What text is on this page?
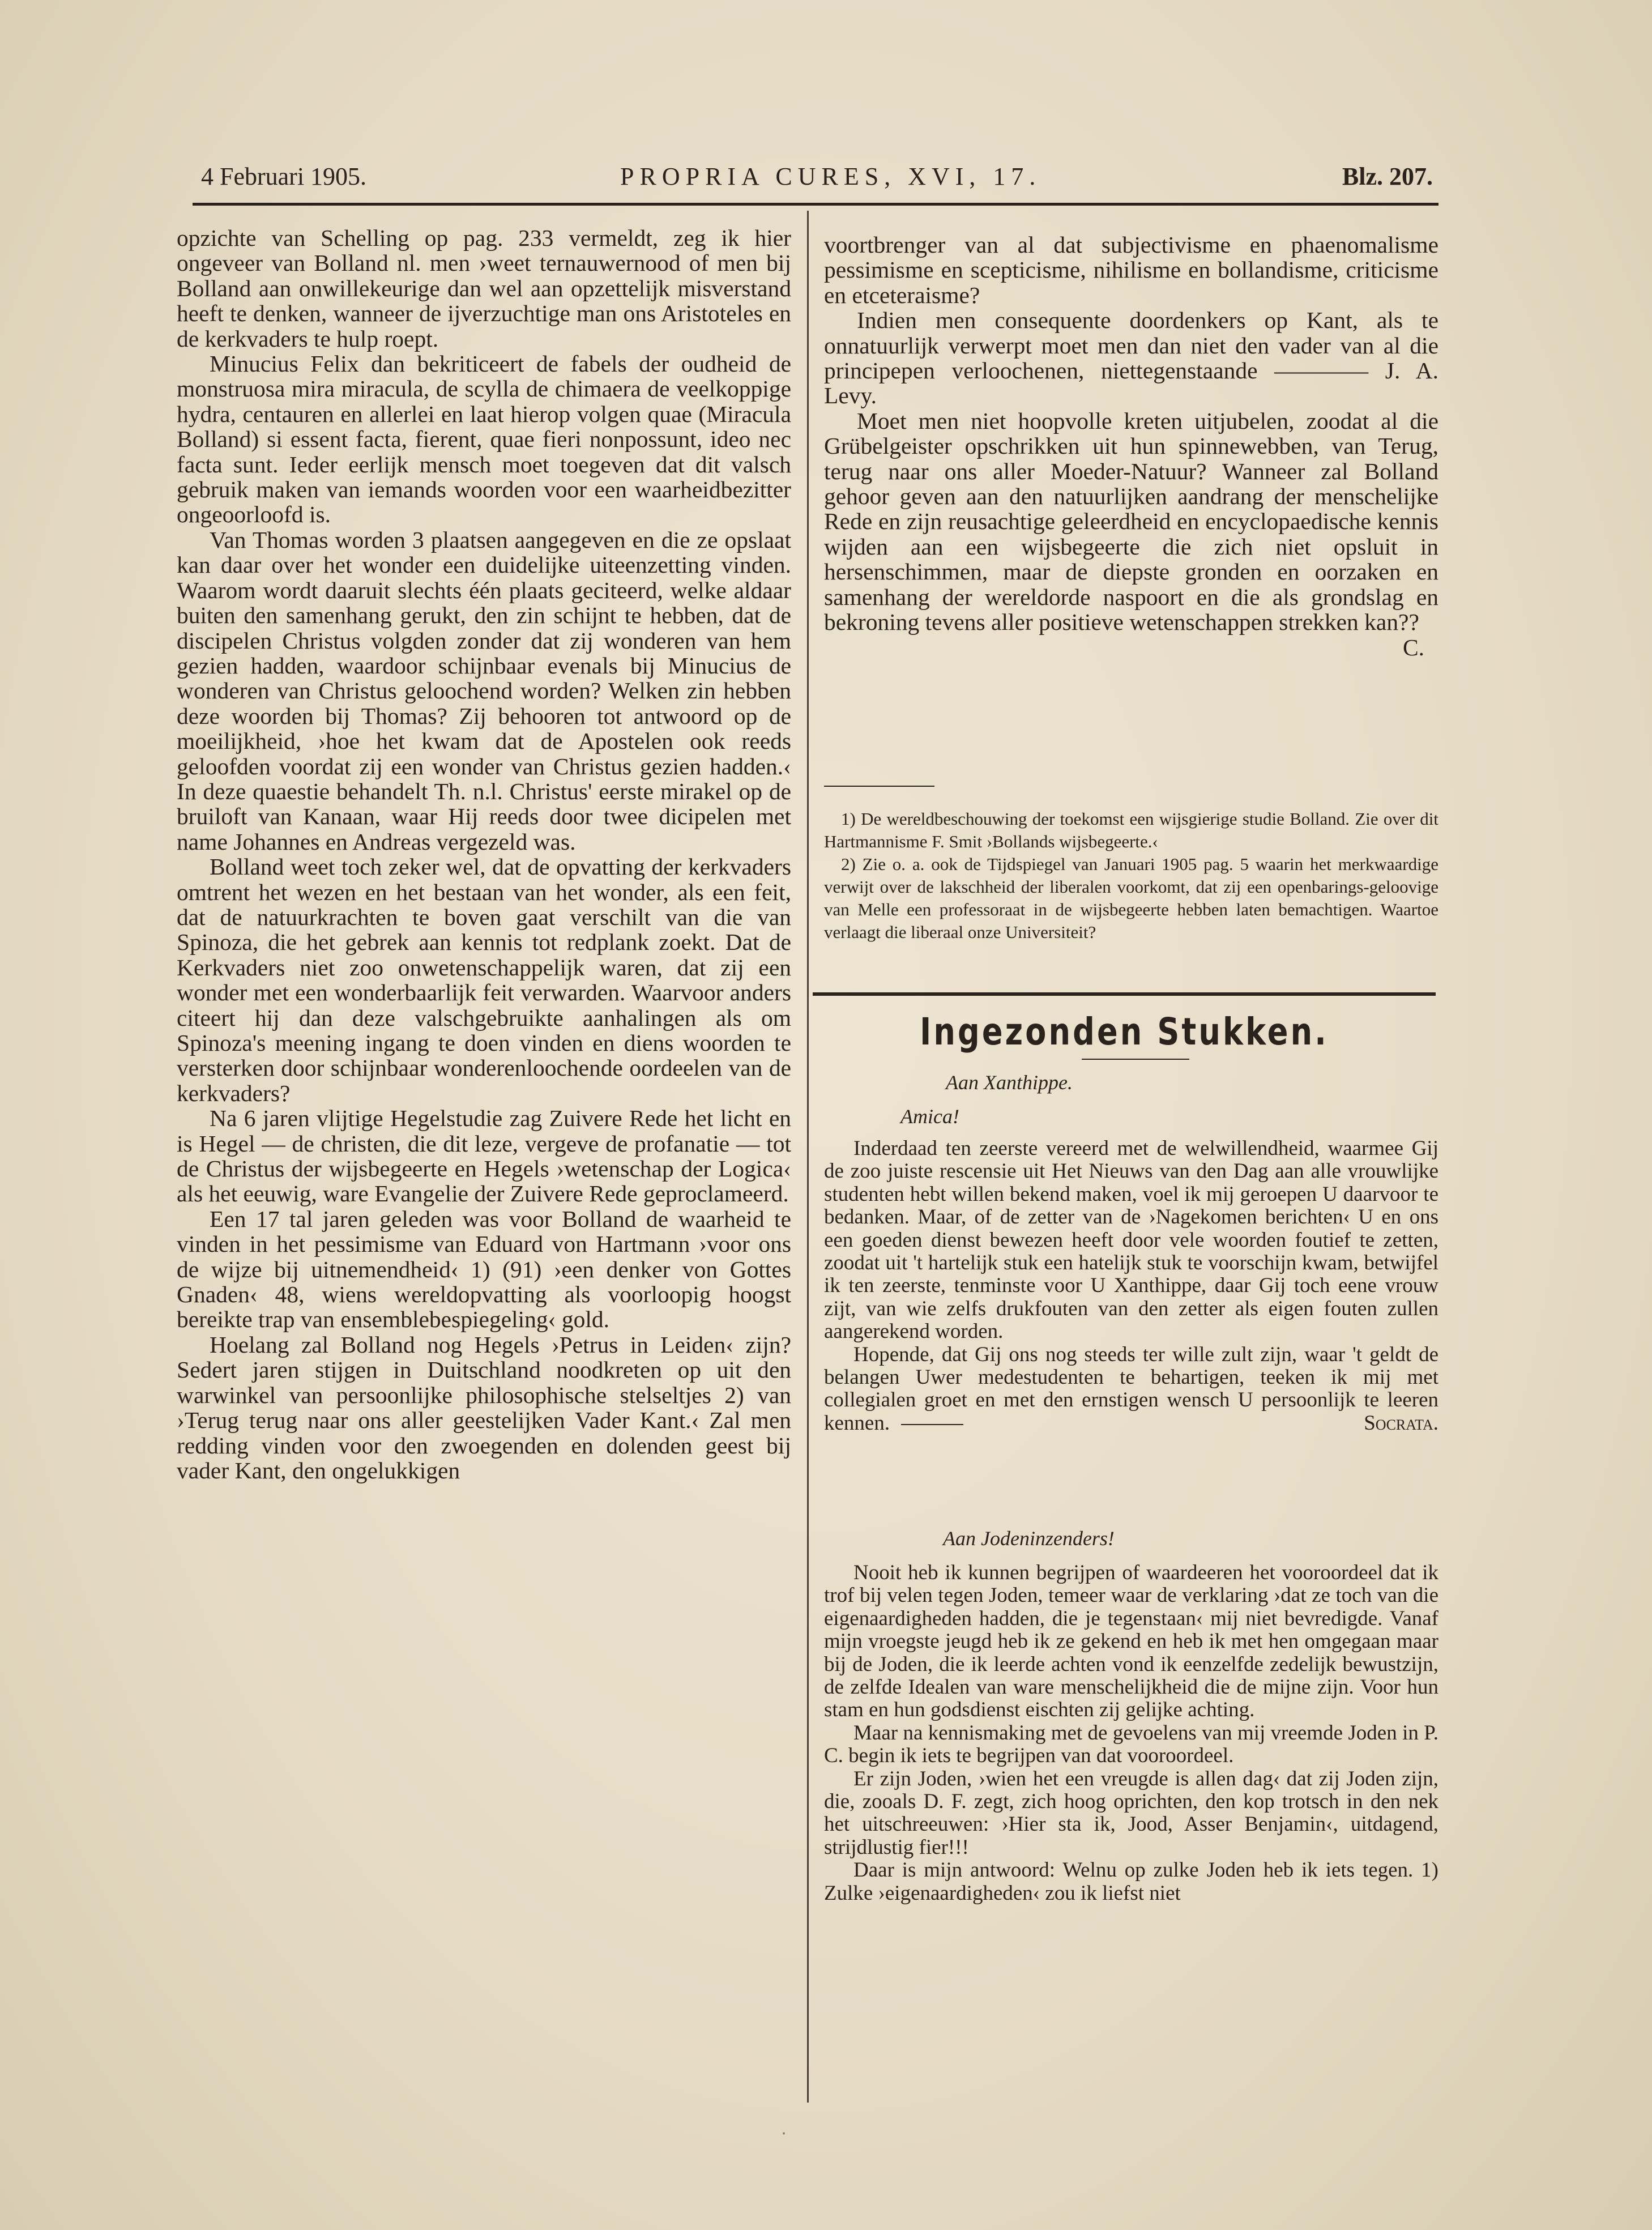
4 Februari 1905.	PROPRIA CURES, XVI, 17.	Blz. 207.

opzichte van Schelling op pag. 233 vermeldt, zeg ik hier ongeveer van Bolland nl. men ›weet ternauwernood of men bij Bolland aan onwillekeurige dan wel aan opzettelijk misverstand heeft te denken, wanneer de ijverzuchtige man ons Aristoteles en de kerkvaders te hulp roept.

Minucius Felix dan bekriticeert de fabels der oudheid de monstruosa mira miracula, de scylla de chimaera de veelkoppige hydra, centauren en allerlei en laat hierop volgen quae (Miracula Bolland) si essent facta, fierent, quae fieri nonpossunt, ideo nec facta sunt. Ieder eerlijk mensch moet toegeven dat dit valsch gebruik maken van iemands woorden voor een waarheidbezitter ongeoorloofd is.

Van Thomas worden 3 plaatsen aangegeven en die ze opslaat kan daar over het wonder een duidelijke uiteenzetting vinden. Waarom wordt daaruit slechts één plaats geciteerd, welke aldaar buiten den samenhang gerukt, den zin schijnt te hebben, dat de discipelen Christus volgden zonder dat zij wonderen van hem gezien hadden, waardoor schijnbaar evenals bij Minucius de wonderen van Christus geloochend worden? Welken zin hebben deze woorden bij Thomas? Zij behooren tot antwoord op de moeilijkheid, ›hoe het kwam dat de Apostelen ook reeds geloofden voordat zij een wonder van Christus gezien hadden.‹ In deze quaestie behandelt Th. n.l. Christus' eerste mirakel op de bruiloft van Kanaan, waar Hij reeds door twee dicipelen met name Johannes en Andreas vergezeld was.

Bolland weet toch zeker wel, dat de opvatting der kerkvaders omtrent het wezen en het bestaan van het wonder, als een feit, dat de natuurkrachten te boven gaat verschilt van die van Spinoza, die het gebrek aan kennis tot redplank zoekt. Dat de Kerkvaders niet zoo onwetenschappelijk waren, dat zij een wonder met een wonderbaarlijk feit verwarden. Waarvoor anders citeert hij dan deze valschgebruikte aanhalingen als om Spinoza's meening ingang te doen vinden en diens woorden te versterken door schijnbaar wonderenloochende oordeelen van de kerkvaders?

Na 6 jaren vlijtige Hegelstudie zag Zuivere Rede het licht en is Hegel — de christen, die dit leze, vergeve de profanatie — tot de Christus der wijsbegeerte en Hegels ›wetenschap der Logica‹ als het eeuwig, ware Evangelie der Zuivere Rede geproclameerd.

Een 17 tal jaren geleden was voor Bolland de waarheid te vinden in het pessimisme van Eduard von Hartmann ›voor ons de wijze bij uitnemendheid‹ 1) (91) ›een denker von Gottes Gnaden‹ 48, wiens wereldopvatting als voorloopig hoogst bereikte trap van ensemblebespiegeling‹ gold.

Hoelang zal Bolland nog Hegels ›Petrus in Leiden‹ zijn? Sedert jaren stijgen in Duitschland noodkreten op uit den warwinkel van persoonlijke philosophische stelseltjes 2) van ›Terug terug naar ons aller geestelijken Vader Kant.‹ Zal men redding vinden voor den zwoegenden en dolenden geest bij vader Kant, den ongelukkigen

voortbrenger van al dat subjectivisme en phaenomalisme pessimisme en scepticisme, nihilisme en bollandisme, criticisme en etceteraisme?

Indien men consequente doordenkers op Kant, als te onnatuurlijk verwerpt moet men dan niet den vader van al die principepen verloochenen, niettegenstaande ———— J. A. Levy.

Moet men niet hoopvolle kreten uitjubelen, zoodat al die Grübelgeister opschrikken uit hun spinnewebben, van Terug, terug naar ons aller Moeder-Natuur? Wanneer zal Bolland gehoor geven aan den natuurlijken aandrang der menschelijke Rede en zijn reusachtige geleerdheid en encyclopaedische kennis wijden aan een wijsbegeerte die zich niet opsluit in hersenschimmen, maar de diepste gronden en oorzaken en samenhang der wereldorde naspoort en die als grondslag en bekroning tevens aller positieve wetenschappen strekken kan??

C.

1) De wereldbeschouwing der toekomst een wijsgierige studie Bolland. Zie over dit Hartmannisme F. Smit ›Bollands wijsbegeerte.‹

2) Zie o. a. ook de Tijdspiegel van Januari 1905 pag. 5 waarin het merkwaardige verwijt over de lakschheid der liberalen voorkomt, dat zij een openbarings-geloovige van Melle een professoraat in de wijsbegeerte hebben laten bemachtigen. Waartoe verlaagt die liberaal onze Universiteit?

Ingezonden Stukken.
Aan Xanthippe.
Amica!

Inderdaad ten zeerste vereerd met de welwillendheid, waarmee Gij de zoo juiste rescensie uit Het Nieuws van den Dag aan alle vrouwlijke studenten hebt willen bekend maken, voel ik mij geroepen U daarvoor te bedanken. Maar, of de zetter van de ›Nagekomen berichten‹ U en ons een goeden dienst bewezen heeft door vele woorden foutief te zetten, zoodat uit 't hartelijk stuk een hatelijk stuk te voorschijn kwam, betwijfel ik ten zeerste, tenminste voor U Xanthippe, daar Gij toch eene vrouw zijt, van wie zelfs drukfouten van den zetter als eigen fouten zullen aangerekend worden.

Hopende, dat Gij ons nog steeds ter wille zult zijn, waar 't geldt de belangen Uwer medestudenten te behartigen, teeken ik mij met collegialen groet en met den ernstigen wensch U persoonlijk te leeren kennen.	Socrata.

Aan Jodeninzenders!

Nooit heb ik kunnen begrijpen of waardeeren het vooroordeel dat ik trof bij velen tegen Joden, temeer waar de verklaring ›dat ze toch van die eigenaardigheden hadden, die je tegenstaan‹ mij niet bevredigde. Vanaf mijn vroegste jeugd heb ik ze gekend en heb ik met hen omgegaan maar bij de Joden, die ik leerde achten vond ik eenzelfde zedelijk bewustzijn, de zelfde Idealen van ware menschelijkheid die de mijne zijn. Voor hun stam en hun godsdienst eischten zij gelijke achting.

Maar na kennismaking met de gevoelens van mij vreemde Joden in P. C. begin ik iets te begrijpen van dat vooroordeel.

Er zijn Joden, ›wien het een vreugde is allen dag‹ dat zij Joden zijn, die, zooals D. F. zegt, zich hoog oprichten, den kop trotsch in den nek het uitschreeuwen: ›Hier sta ik, Jood, Asser Benjamin‹, uitdagend, strijdlustig fier!!!

Daar is mijn antwoord: Welnu op zulke Joden heb ik iets tegen. 1) Zulke ›eigenaardigheden‹ zou ik liefst niet

⸱
